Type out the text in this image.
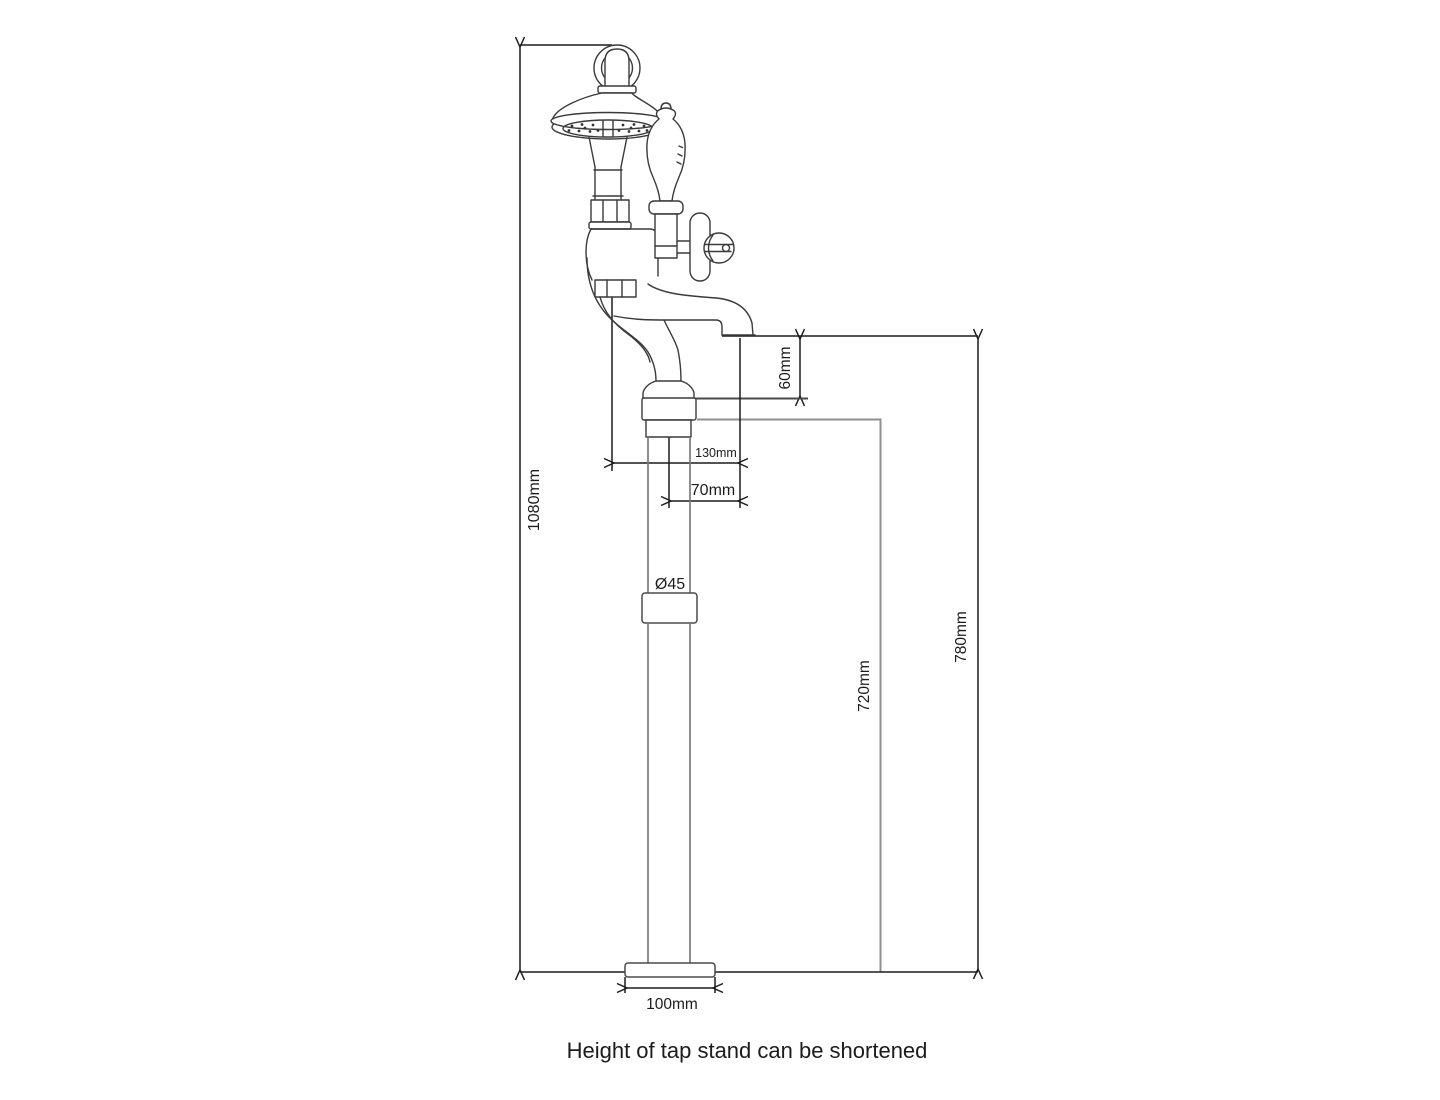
1080mm
60mm
130mm
70mm
Ø45
720mm
780mm
100mm
Height of tap stand can be shortened
